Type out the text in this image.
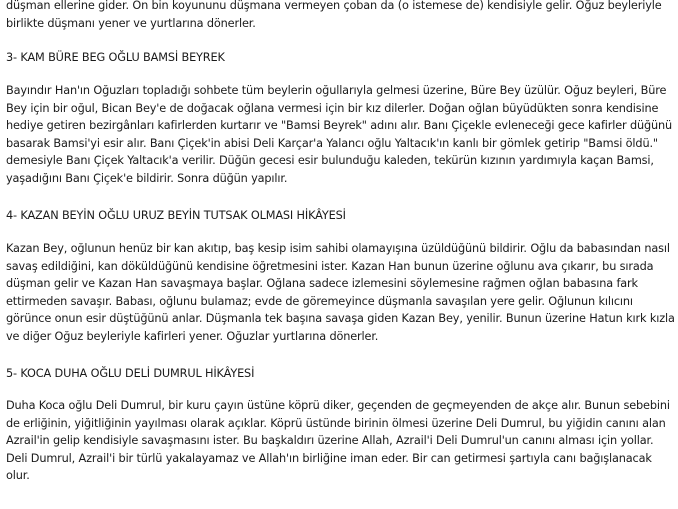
düşman ellerine gider. On bin koyununu düşmana vermeyen çoban da (o istemese de) kendisiyle gelir. Oğuz beyleriyle
birlikte düşmanı yener ve yurtlarına dönerler.

3- KAM BÜRE BEG OĞLU BAMSİ BEYREK

Bayındır Han'ın Oğuzları topladığı sohbete tüm beylerin oğullarıyla gelmesi üzerine, Büre Bey üzülür. Oğuz beyleri, Büre
Bey için bir oğul, Bican Bey'e de doğacak oğlana vermesi için bir kız dilerler. Doğan oğlan büyüdükten sonra kendisine
hediye getiren bezirgânları kafirlerden kurtarır ve "Bamsi Beyrek" adını alır. Banı Çiçekle evleneceği gece kafirler düğünü
basarak Bamsi'yi esir alır. Banı Çiçek'in abisi Deli Karçar'a Yalancı oğlu Yaltacık'ın kanlı bir gömlek getirip "Bamsi öldü."
demesiyle Banı Çiçek Yaltacık'a verilir. Düğün gecesi esir bulunduğu kaleden, tekürün kızının yardımıyla kaçan Bamsi,
yaşadığını Banı Çiçek'e bildirir. Sonra düğün yapılır.

4- KAZAN BEYİN OĞLU URUZ BEYİN TUTSAK OLMASI HİKÂYESİ

Kazan Bey, oğlunun henüz bir kan akıtıp, baş kesip isim sahibi olamayışına üzüldüğünü bildirir. Oğlu da babasından nasıl
savaş edildiğini, kan döküldüğünü kendisine öğretmesini ister. Kazan Han bunun üzerine oğlunu ava çıkarır, bu sırada
düşman gelir ve Kazan Han savaşmaya başlar. Oğlana sadece izlemesini söylemesine rağmen oğlan babasına fark
ettirmeden savaşır. Babası, oğlunu bulamaz; evde de göremeyince düşmanla savaşılan yere gelir. Oğlunun kılıcını
görünce onun esir düştüğünü anlar. Düşmanla tek başına savaşa giden Kazan Bey, yenilir. Bunun üzerine Hatun kırk kızla
ve diğer Oğuz beyleriyle kafirleri yener. Oğuzlar yurtlarına dönerler.

5- KOCA DUHA OĞLU DELİ DUMRUL HİKÂYESİ

Duha Koca oğlu Deli Dumrul, bir kuru çayın üstüne köprü diker, geçenden de geçmeyenden de akçe alır. Bunun sebebini
de erliğinin, yiğitliğinin yayılması olarak açıklar. Köprü üstünde birinin ölmesi üzerine Deli Dumrul, bu yiğidin canını alan
Azrail'in gelip kendisiyle savaşmasını ister. Bu başkaldırı üzerine Allah, Azrail'i Deli Dumrul'un canını alması için yollar.
Deli Dumrul, Azrail'i bir türlü yakalayamaz ve Allah'ın birliğine iman eder. Bir can getirmesi şartıyla canı bağışlanacak
olur.
